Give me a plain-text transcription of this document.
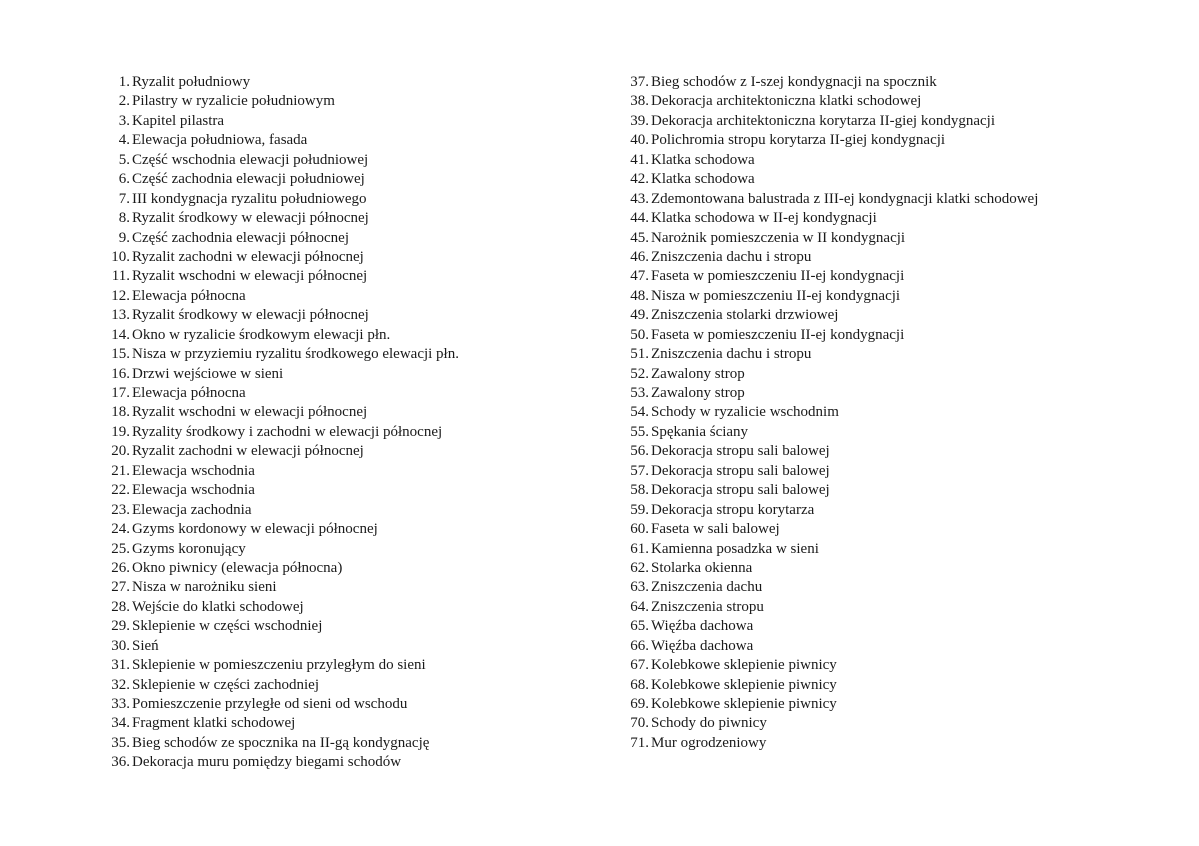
1. Ryzalit południowy
2. Pilastry w ryzalicie południowym
3. Kapitel pilastra
4. Elewacja południowa, fasada
5. Część wschodnia elewacji południowej
6. Część zachodnia elewacji południowej
7. III kondygnacja ryzalitu południowego
8. Ryzalit środkowy w elewacji północnej
9. Część zachodnia elewacji północnej
10. Ryzalit zachodni w elewacji północnej
11. Ryzalit wschodni w elewacji północnej
12. Elewacja północna
13. Ryzalit środkowy w elewacji północnej
14. Okno w ryzalicie środkowym elewacji płn.
15. Nisza w przyziemiu ryzalitu środkowego elewacji płn.
16. Drzwi wejściowe w sieni
17. Elewacja północna
18. Ryzalit wschodni w elewacji północnej
19. Ryzality środkowy i zachodni w elewacji północnej
20. Ryzalit zachodni w elewacji północnej
21. Elewacja wschodnia
22. Elewacja wschodnia
23. Elewacja zachodnia
24. Gzyms kordonowy w elewacji północnej
25. Gzyms koronujący
26. Okno piwnicy (elewacja północna)
27. Nisza w narożniku sieni
28. Wejście do klatki schodowej
29. Sklepienie w części wschodniej
30. Sień
31. Sklepienie w pomieszczeniu przyległym do sieni
32. Sklepienie w części zachodniej
33. Pomieszczenie przyległe od sieni od wschodu
34. Fragment klatki schodowej
35. Bieg schodów ze spocznika na II-gą kondygnację
36. Dekoracja muru pomiędzy biegami schodów
37. Bieg schodów z I-szej kondygnacji na spocznik
38. Dekoracja architektoniczna klatki schodowej
39. Dekoracja architektoniczna korytarza II-giej kondygnacji
40. Polichromia stropu korytarza II-giej kondygnacji
41. Klatka schodowa
42. Klatka schodowa
43. Zdemontowana balustrada z III-ej kondygnacji klatki schodowej
44. Klatka schodowa w II-ej kondygnacji
45. Narożnik pomieszczenia w II kondygnacji
46. Zniszczenia dachu i stropu
47. Faseta w pomieszczeniu II-ej kondygnacji
48. Nisza w pomieszczeniu II-ej kondygnacji
49. Zniszczenia stolarki drzwiowej
50. Faseta w pomieszczeniu II-ej kondygnacji
51. Zniszczenia dachu i stropu
52. Zawalony strop
53. Zawalony strop
54. Schody w ryzalicie wschodnim
55. Spękania ściany
56. Dekoracja stropu sali balowej
57. Dekoracja stropu sali balowej
58. Dekoracja stropu sali balowej
59. Dekoracja stropu korytarza
60. Faseta w sali balowej
61. Kamienna posadzka w sieni
62. Stolarka okienna
63. Zniszczenia dachu
64. Zniszczenia stropu
65. Więźba dachowa
66. Więźba dachowa
67. Kolebkowe sklepienie piwnicy
68. Kolebkowe sklepienie piwnicy
69. Kolebkowe sklepienie piwnicy
70. Schody do piwnicy
71. Mur ogrodzeniowy
